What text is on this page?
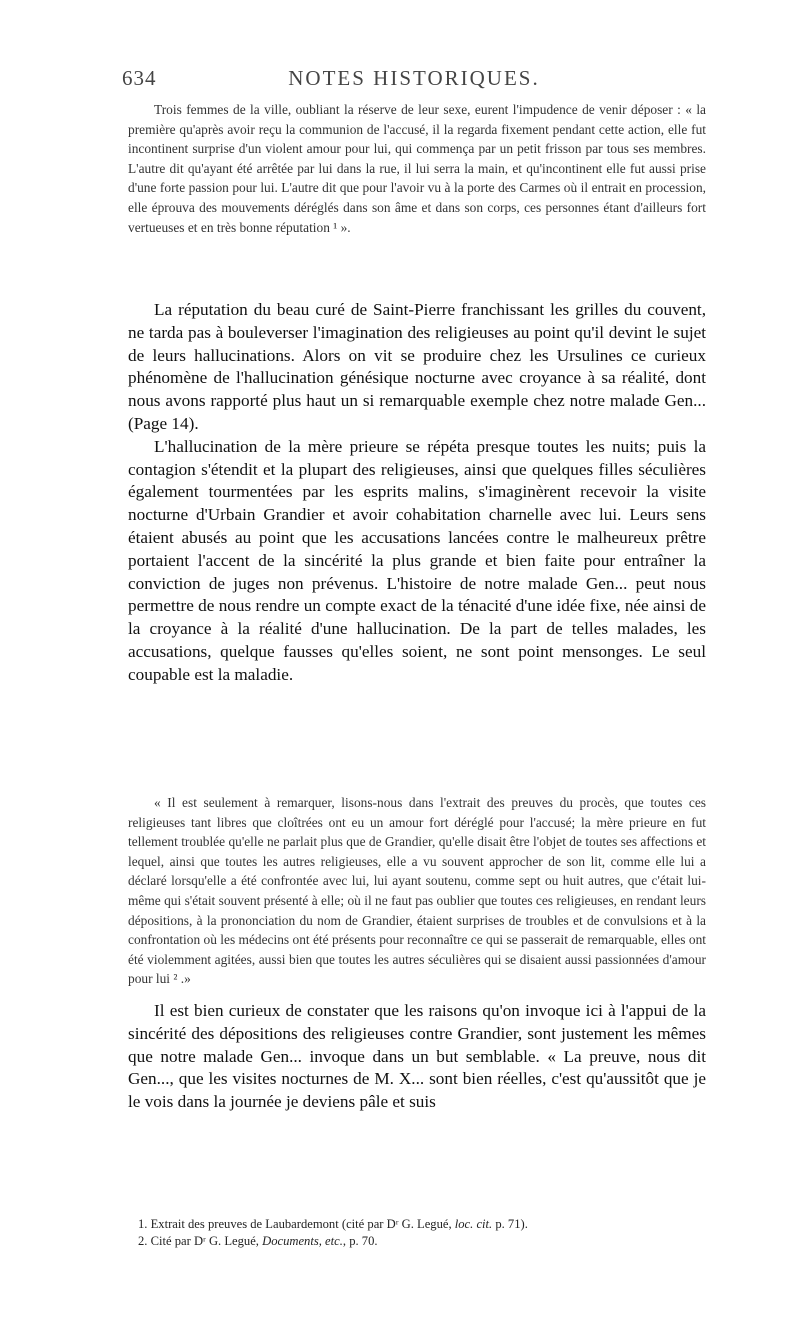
634	NOTES HISTORIQUES.

Trois femmes de la ville, oubliant la réserve de leur sexe, eurent l'impudence de venir déposer : « la première qu'après avoir reçu la communion de l'accusé, il la regarda fixement pendant cette action, elle fut incontinent surprise d'un violent amour pour lui, qui commença par un petit frisson par tous ses membres. L'autre dit qu'ayant été arrêtée par lui dans la rue, il lui serra la main, et qu'incontinent elle fut aussi prise d'une forte passion pour lui. L'autre dit que pour l'avoir vu à la porte des Carmes où il entrait en procession, elle éprouva des mouvements déréglés dans son âme et dans son corps, ces personnes étant d'ailleurs fort vertueuses et en très bonne réputation ¹ ».

La réputation du beau curé de Saint-Pierre franchissant les grilles du couvent, ne tarda pas à bouleverser l'imagination des religieuses au point qu'il devint le sujet de leurs hallucinations. Alors on vit se produire chez les Ursulines ce curieux phénomène de l'hallucination génésique nocturne avec croyance à sa réalité, dont nous avons rapporté plus haut un si remarquable exemple chez notre malade Gen... (Page 14).

L'hallucination de la mère prieure se répéta presque toutes les nuits; puis la contagion s'étendit et la plupart des religieuses, ainsi que quelques filles séculières également tourmentées par les esprits malins, s'imaginèrent recevoir la visite nocturne d'Urbain Grandier et avoir cohabitation charnelle avec lui. Leurs sens étaient abusés au point que les accusations lancées contre le malheureux prêtre portaient l'accent de la sincérité la plus grande et bien faite pour entraîner la conviction de juges non prévenus. L'histoire de notre malade Gen... peut nous permettre de nous rendre un compte exact de la ténacité d'une idée fixe, née ainsi de la croyance à la réalité d'une hallucination. De la part de telles malades, les accusations, quelque fausses qu'elles soient, ne sont point mensonges. Le seul coupable est la maladie.

« Il est seulement à remarquer, lisons-nous dans l'extrait des preuves du procès, que toutes ces religieuses tant libres que cloîtrées ont eu un amour fort déréglé pour l'accusé; la mère prieure en fut tellement troublée qu'elle ne parlait plus que de Grandier, qu'elle disait être l'objet de toutes ses affections et lequel, ainsi que toutes les autres religieuses, elle a vu souvent approcher de son lit, comme elle lui a déclaré lorsqu'elle a été confrontée avec lui, lui ayant soutenu, comme sept ou huit autres, que c'était lui-même qui s'était souvent présenté à elle; où il ne faut pas oublier que toutes ces religieuses, en rendant leurs dépositions, à la prononciation du nom de Grandier, étaient surprises de troubles et de convulsions et à la confrontation où les médecins ont été présents pour reconnaître ce qui se passerait de remarquable, elles ont été violemment agitées, aussi bien que toutes les autres séculières qui se disaient aussi passionnées d'amour pour lui ² .»

Il est bien curieux de constater que les raisons qu'on invoque ici à l'appui de la sincérité des dépositions des religieuses contre Grandier, sont justement les mêmes que notre malade Gen... invoque dans un but semblable. « La preuve, nous dit Gen..., que les visites nocturnes de M. X... sont bien réelles, c'est qu'aussitôt que je le vois dans la journée je deviens pâle et suis

1. Extrait des preuves de Laubardemont (cité par Dʳ G. Legué, loc. cit. p. 71).

2. Cité par Dʳ G. Legué, Documents, etc., p. 70.
